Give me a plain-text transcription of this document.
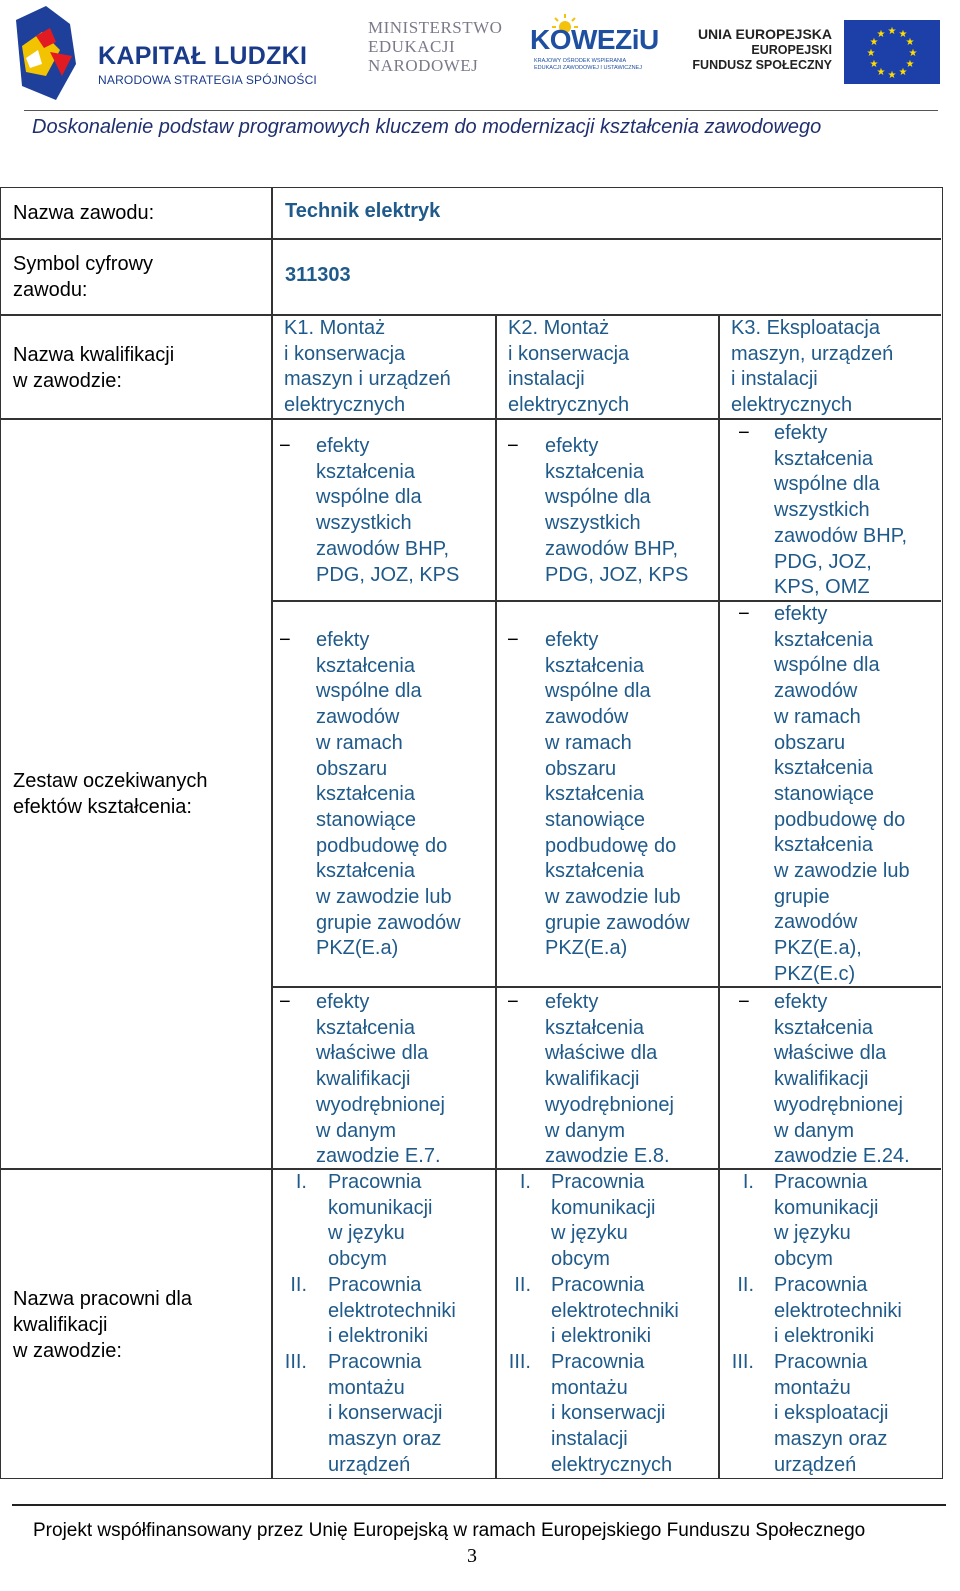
KAPITAŁ LUDZKI
NARODOWA STRATEGIA SPÓJNOŚCI
MINISTERSTWO
EDUKACJI
NARODOWEJ
KOWEZiU
KRAJOWY OŚRODEK WSPIERANIA
EDUKACJI ZAWODOWEJ I USTAWICZNEJ
UNIA EUROPEJSKA
EUROPEJSKI
FUNDUSZ SPOŁECZNY
★ ★
★
★
★
★
★
★
★
★
★
★
Doskonalenie podstaw programowych kluczem do modernizacji kształcenia zawodowego
Nazwa zawodu:
Symbol cyfrowy
zawodu:
Nazwa kwalifikacji
w zawodzie:
Zestaw oczekiwanych
efektów kształcenia:
Nazwa pracowni dla
kwalifikacji
w zawodzie:
Technik elektryk
311303
K1. Montaż
i konserwacja
maszyn i urządzeń
elektrycznych
− efekty
kształcenia
wspólne dla
wszystkich
zawodów BHP,
PDG, JOZ, KPS
− efekty
kształcenia
wspólne dla
zawodów
w ramach
obszaru
kształcenia
stanowiące
podbudowę do
kształcenia
w zawodzie lub
grupie zawodów
PKZ(E.a)
− efekty
kształcenia
właściwe dla
kwalifikacji
wyodrębnionej
w danym
zawodzie E.7.
I. Pracownia
komunikacji
w języku
obcym
II. Pracownia
elektrotechniki
i elektroniki
III. Pracownia
montażu
i konserwacji
maszyn oraz
urządzeń
K2. Montaż
i konserwacja
instalacji
elektrycznych
− efekty
kształcenia
wspólne dla
wszystkich
zawodów BHP,
PDG, JOZ, KPS
− efekty
kształcenia
wspólne dla
zawodów
w ramach
obszaru
kształcenia
stanowiące
podbudowę do
kształcenia
w zawodzie lub
grupie zawodów
PKZ(E.a)
− efekty
kształcenia
właściwe dla
kwalifikacji
wyodrębnionej
w danym
zawodzie E.8.
I. Pracownia
komunikacji
w języku
obcym
II. Pracownia
elektrotechniki
i elektroniki
III. Pracownia
montażu
i konserwacji
instalacji
elektrycznych
K3. Eksploatacja
maszyn, urządzeń
i instalacji
elektrycznych
− efekty
kształcenia
wspólne dla
wszystkich
zawodów BHP,
PDG, JOZ,
KPS, OMZ
− efekty
kształcenia
wspólne dla
zawodów
w ramach
obszaru
kształcenia
stanowiące
podbudowę do
kształcenia
w zawodzie lub
grupie
zawodów
PKZ(E.a),
PKZ(E.c)
− efekty
kształcenia
właściwe dla
kwalifikacji
wyodrębnionej
w danym
zawodzie E.24.
I. Pracownia
komunikacji
w języku
obcym
II. Pracownia
elektrotechniki
i elektroniki
III. Pracownia
montażu
i eksploatacji
maszyn oraz
urządzeń
Projekt współfinansowany przez Unię Europejską w ramach Europejskiego Funduszu Społecznego
3
